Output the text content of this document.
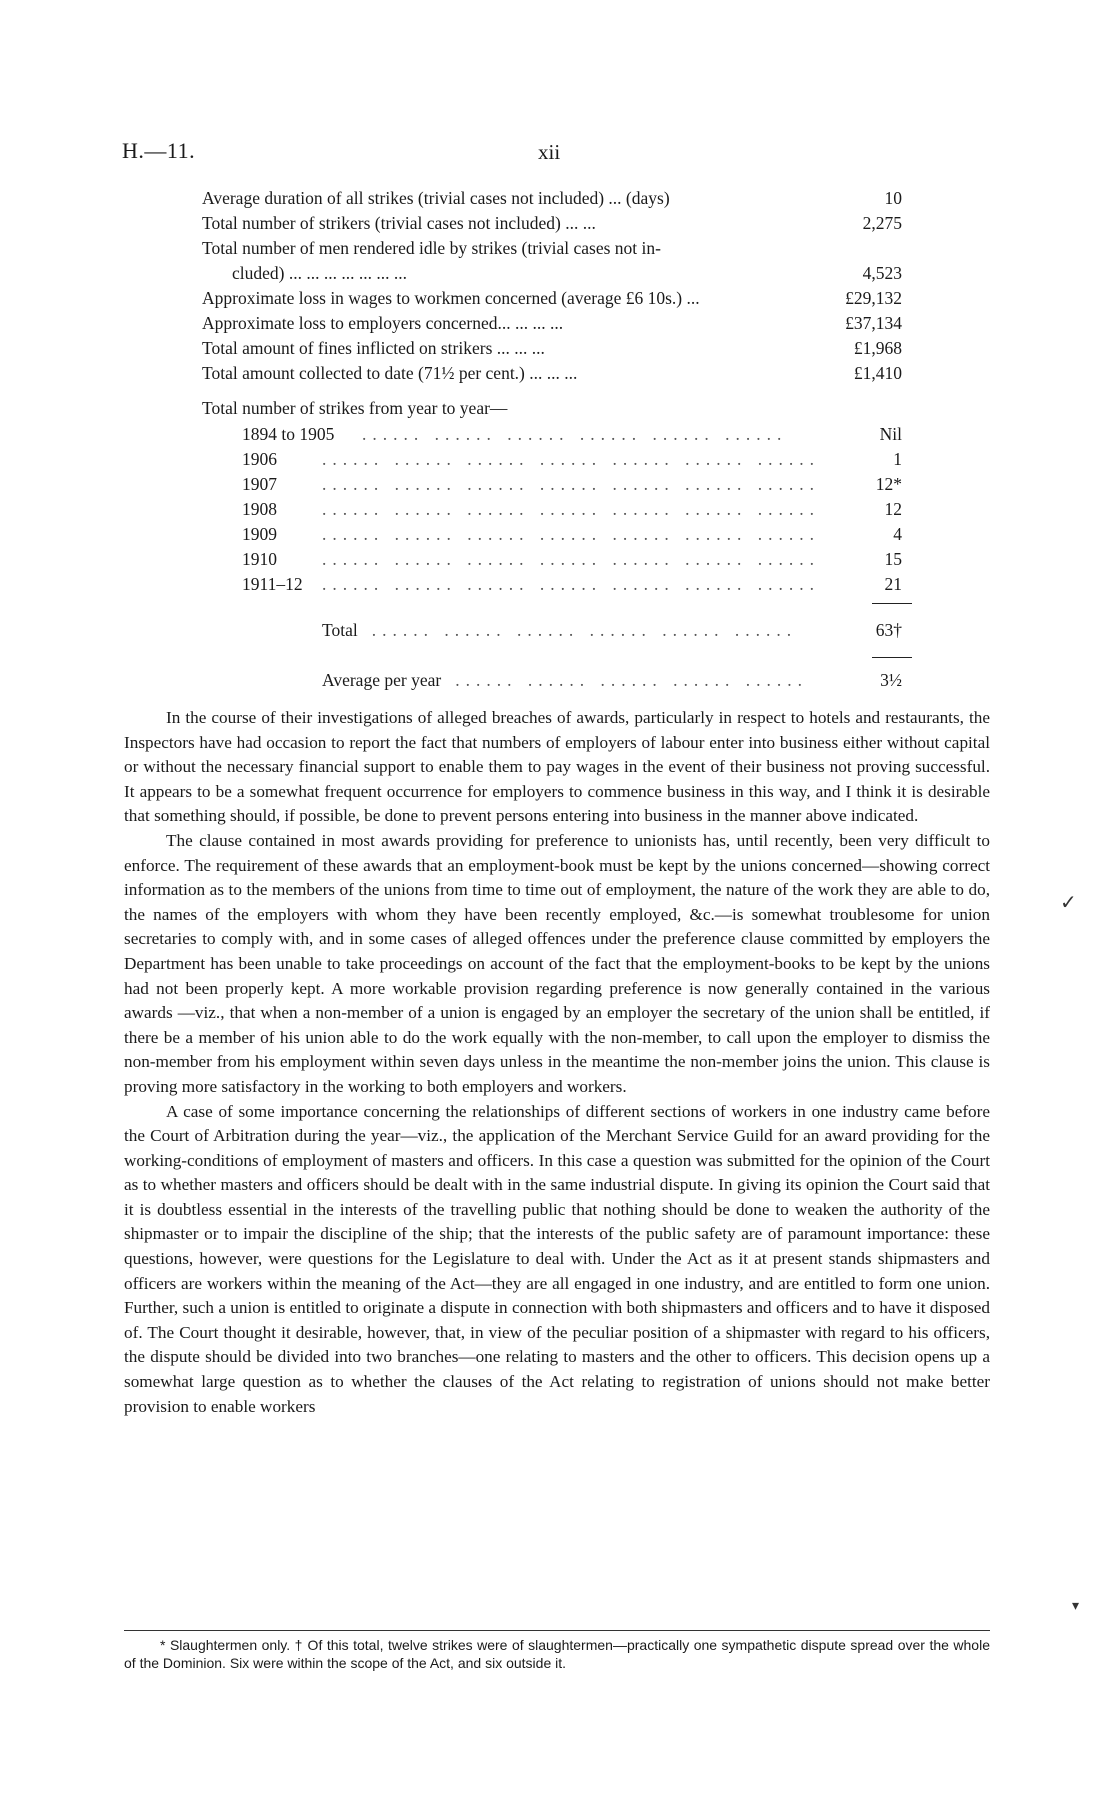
H.—11.	xii
Average duration of all strikes (trivial cases not included) ... (days)	10
Total number of strikers (trivial cases not included) ... ...	2,275
Total number of men rendered idle by strikes (trivial cases not in-
cluded) ... ... ... ... ... ... ...	4,523
Approximate loss in wages to workmen concerned (average £6 10s.) ...	£29,132
Approximate loss to employers concerned... ... ... ...	£37,134
Total amount of fines inflicted on strikers ... ... ...	£1,968
Total amount collected to date (71½ per cent.) ... ... ...	£1,410
Total number of strikes from year to year—
1894 to 1905	...... ...... ...... ...... ...... ......	Nil
1906	...... ...... ...... ...... ...... ...... ......	1
1907	...... ...... ...... ...... ...... ...... ......	12*
1908	...... ...... ...... ...... ...... ...... ......	12
1909	...... ...... ...... ...... ...... ...... ......	4
1910	...... ...... ...... ...... ...... ...... ......	15
1911–12	...... ...... ...... ...... ...... ...... ......	21
Total ...... ...... ...... ...... ...... ......	63†
Average per year ...... ...... ...... ...... ......	3½

In the course of their investigations of alleged breaches of awards, particularly in respect to hotels and restaurants, the Inspectors have had occasion to report the fact that numbers of employers of labour enter into business either without capital or without the necessary financial support to enable them to pay wages in the event of their business not proving successful. It appears to be a somewhat frequent occurrence for employers to commence business in this way, and I think it is desirable that something should, if possible, be done to prevent persons entering into business in the manner above indicated.

The clause contained in most awards providing for preference to unionists has, until recently, been very difficult to enforce. The requirement of these awards that an employment-book must be kept by the unions concerned—showing correct information as to the members of the unions from time to time out of employment, the nature of the work they are able to do, the names of the employers with whom they have been recently employed, &c.—is somewhat troublesome for union secretaries to comply with, and in some cases of alleged offences under the preference clause committed by employers the Department has been unable to take proceedings on account of the fact that the employment-books to be kept by the unions had not been properly kept. A more workable provision regarding preference is now generally contained in the various awards —viz., that when a non-member of a union is engaged by an employer the secretary of the union shall be entitled, if there be a member of his union able to do the work equally with the non-member, to call upon the employer to dismiss the non-member from his employment within seven days unless in the meantime the non-member joins the union. This clause is proving more satisfactory in the working to both employers and workers.

A case of some importance concerning the relationships of different sections of workers in one industry came before the Court of Arbitration during the year—viz., the application of the Merchant Service Guild for an award providing for the working-conditions of employment of masters and officers. In this case a question was submitted for the opinion of the Court as to whether masters and officers should be dealt with in the same industrial dispute. In giving its opinion the Court said that it is doubtless essential in the interests of the travelling public that nothing should be done to weaken the authority of the shipmaster or to impair the discipline of the ship; that the interests of the public safety are of paramount importance: these questions, however, were questions for the Legislature to deal with. Under the Act as it at present stands shipmasters and officers are workers within the meaning of the Act—they are all engaged in one industry, and are entitled to form one union. Further, such a union is entitled to originate a dispute in connection with both shipmasters and officers and to have it disposed of. The Court thought it desirable, however, that, in view of the peculiar position of a shipmaster with regard to his officers, the dispute should be divided into two branches—one relating to masters and the other to officers. This decision opens up a somewhat large question as to whether the clauses of the Act relating to registration of unions should not make better provision to enable workers

* Slaughtermen only. † Of this total, twelve strikes were of slaughtermen—practically one sympathetic dispute spread over the whole of the Dominion. Six were within the scope of the Act, and six outside it.

✓
▾
